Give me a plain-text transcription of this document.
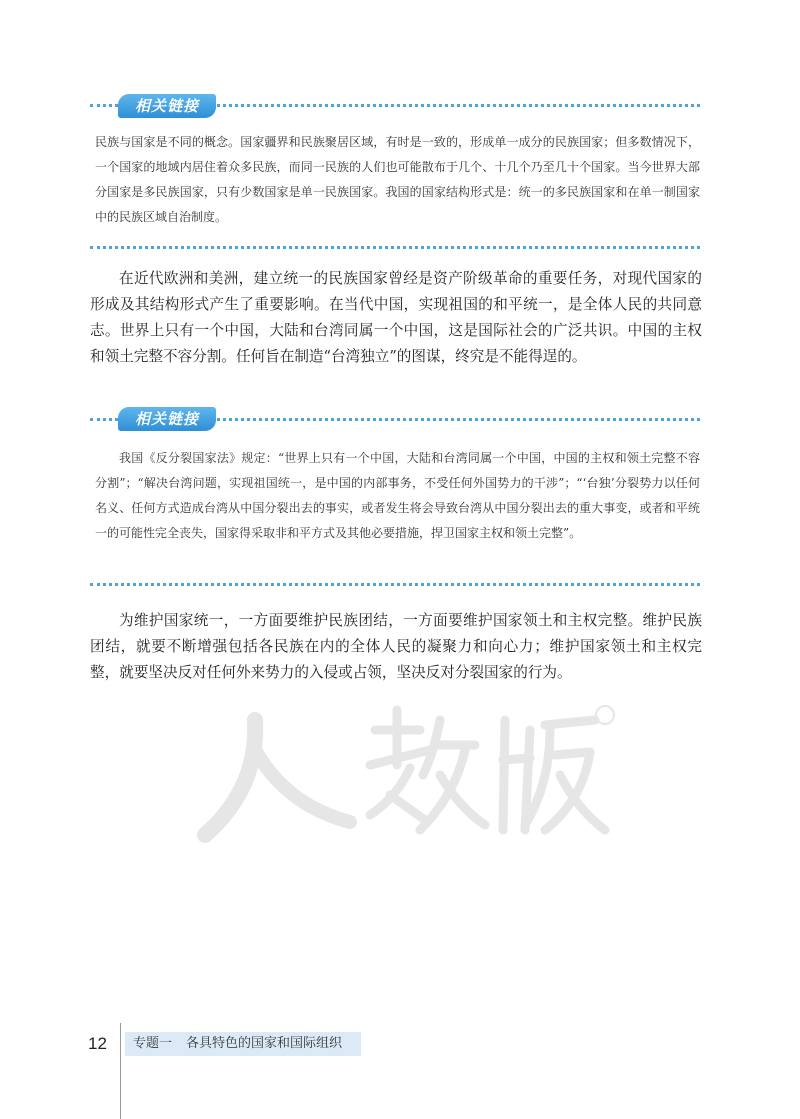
相关链接
民族与国家是不同的概念。国家疆界和民族聚居区域，有时是一致的，形成单一成分的民族国家；但多数情况下，一个国家的地域内居住着众多民族，而同一民族的人们也可能散布于几个、十几个乃至几十个国家。当今世界大部分国家是多民族国家，只有少数国家是单一民族国家。我国的国家结构形式是：统一的多民族国家和在单一制国家中的民族区域自治制度。
在近代欧洲和美洲，建立统一的民族国家曾经是资产阶级革命的重要任务，对现代国家的形成及其结构形式产生了重要影响。在当代中国，实现祖国的和平统一，是全体人民的共同意志。世界上只有一个中国，大陆和台湾同属一个中国，这是国际社会的广泛共识。中国的主权和领土完整不容分割。任何旨在制造“台湾独立”的图谋，终究是不能得逞的。
相关链接
我国《反分裂国家法》规定：“世界上只有一个中国，大陆和台湾同属一个中国，中国的主权和领土完整不容分割”；“解决台湾问题，实现祖国统一，是中国的内部事务，不受任何外国势力的干涉”；“‘台独’分裂势力以任何名义、任何方式造成台湾从中国分裂出去的事实，或者发生将会导致台湾从中国分裂出去的重大事变，或者和平统一的可能性完全丧失，国家得采取非和平方式及其他必要措施，捍卫国家主权和领土完整”。
为维护国家统一，一方面要维护民族团结，一方面要维护国家领土和主权完整。维护民族团结，就要不断增强包括各民族在内的全体人民的凝聚力和向心力；维护国家领土和主权完整，就要坚决反对任何外来势力的入侵或占领，坚决反对分裂国家的行为。
12	专题一 各具特色的国家和国际组织
